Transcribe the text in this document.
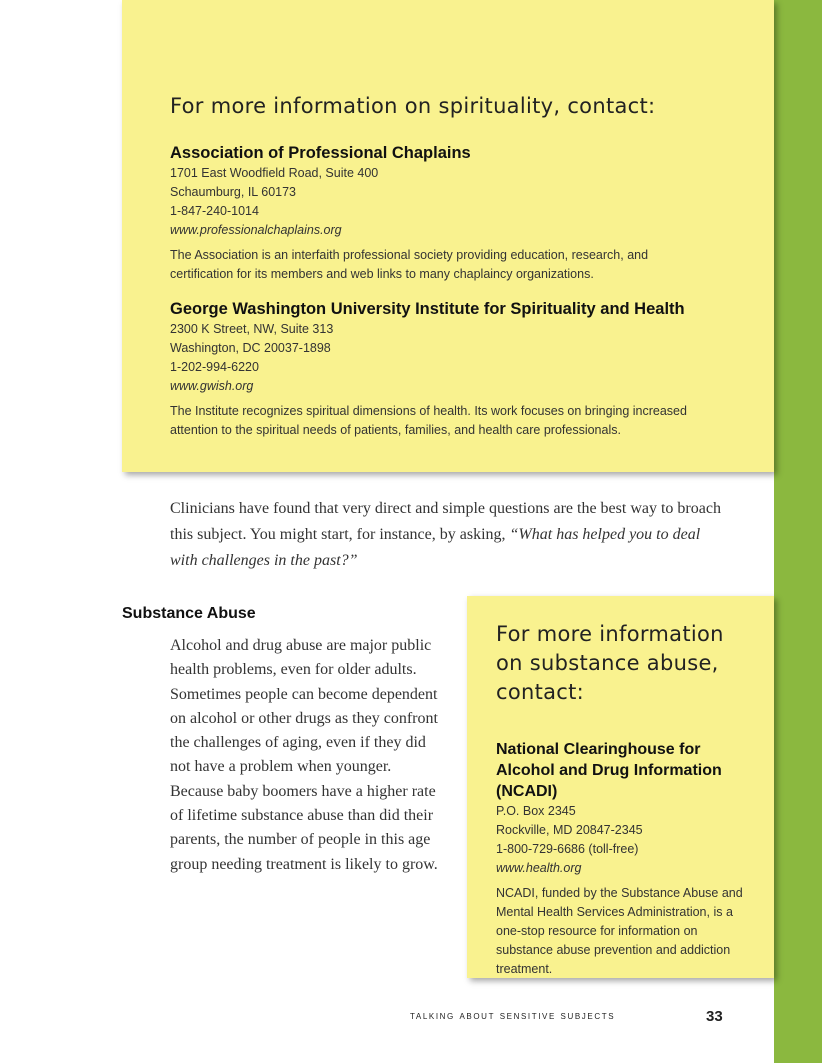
For more information on spirituality, contact:

Association of Professional Chaplains

1701 East Woodfield Road, Suite 400

Schaumburg, IL 60173

1-847-240-1014

www.professionalchaplains.org

The Association is an interfaith professional society providing education, research, and certification for its members and web links to many chaplaincy organizations.

George Washington University Institute for Spirituality and Health

2300 K Street, NW, Suite 313

Washington, DC 20037-1898

1-202-994-6220

www.gwish.org

The Institute recognizes spiritual dimensions of health. Its work focuses on bringing increased attention to the spiritual needs of patients, families, and health care professionals.

Clinicians have found that very direct and simple questions are the best way to broach this subject. You might start, for instance, by asking, “What has helped you to deal with challenges in the past?”

Substance Abuse

Alcohol and drug abuse are major public health problems, even for older adults. Sometimes people can become dependent on alcohol or other drugs as they confront the challenges of aging, even if they did not have a problem when younger. Because baby boomers have a higher rate of lifetime substance abuse than did their parents, the number of people in this age group needing treatment is likely to grow.

For more information
on substance abuse,
contact:

National Clearinghouse for Alcohol and Drug Information (NCADI)

P.O. Box 2345

Rockville, MD 20847-2345

1-800-729-6686 (toll-free)

www.health.org

NCADI, funded by the Substance Abuse and Mental Health Services Administration, is a one-stop resource for information on substance abuse prevention and addiction treatment.

talking about sensitive subjects	33
